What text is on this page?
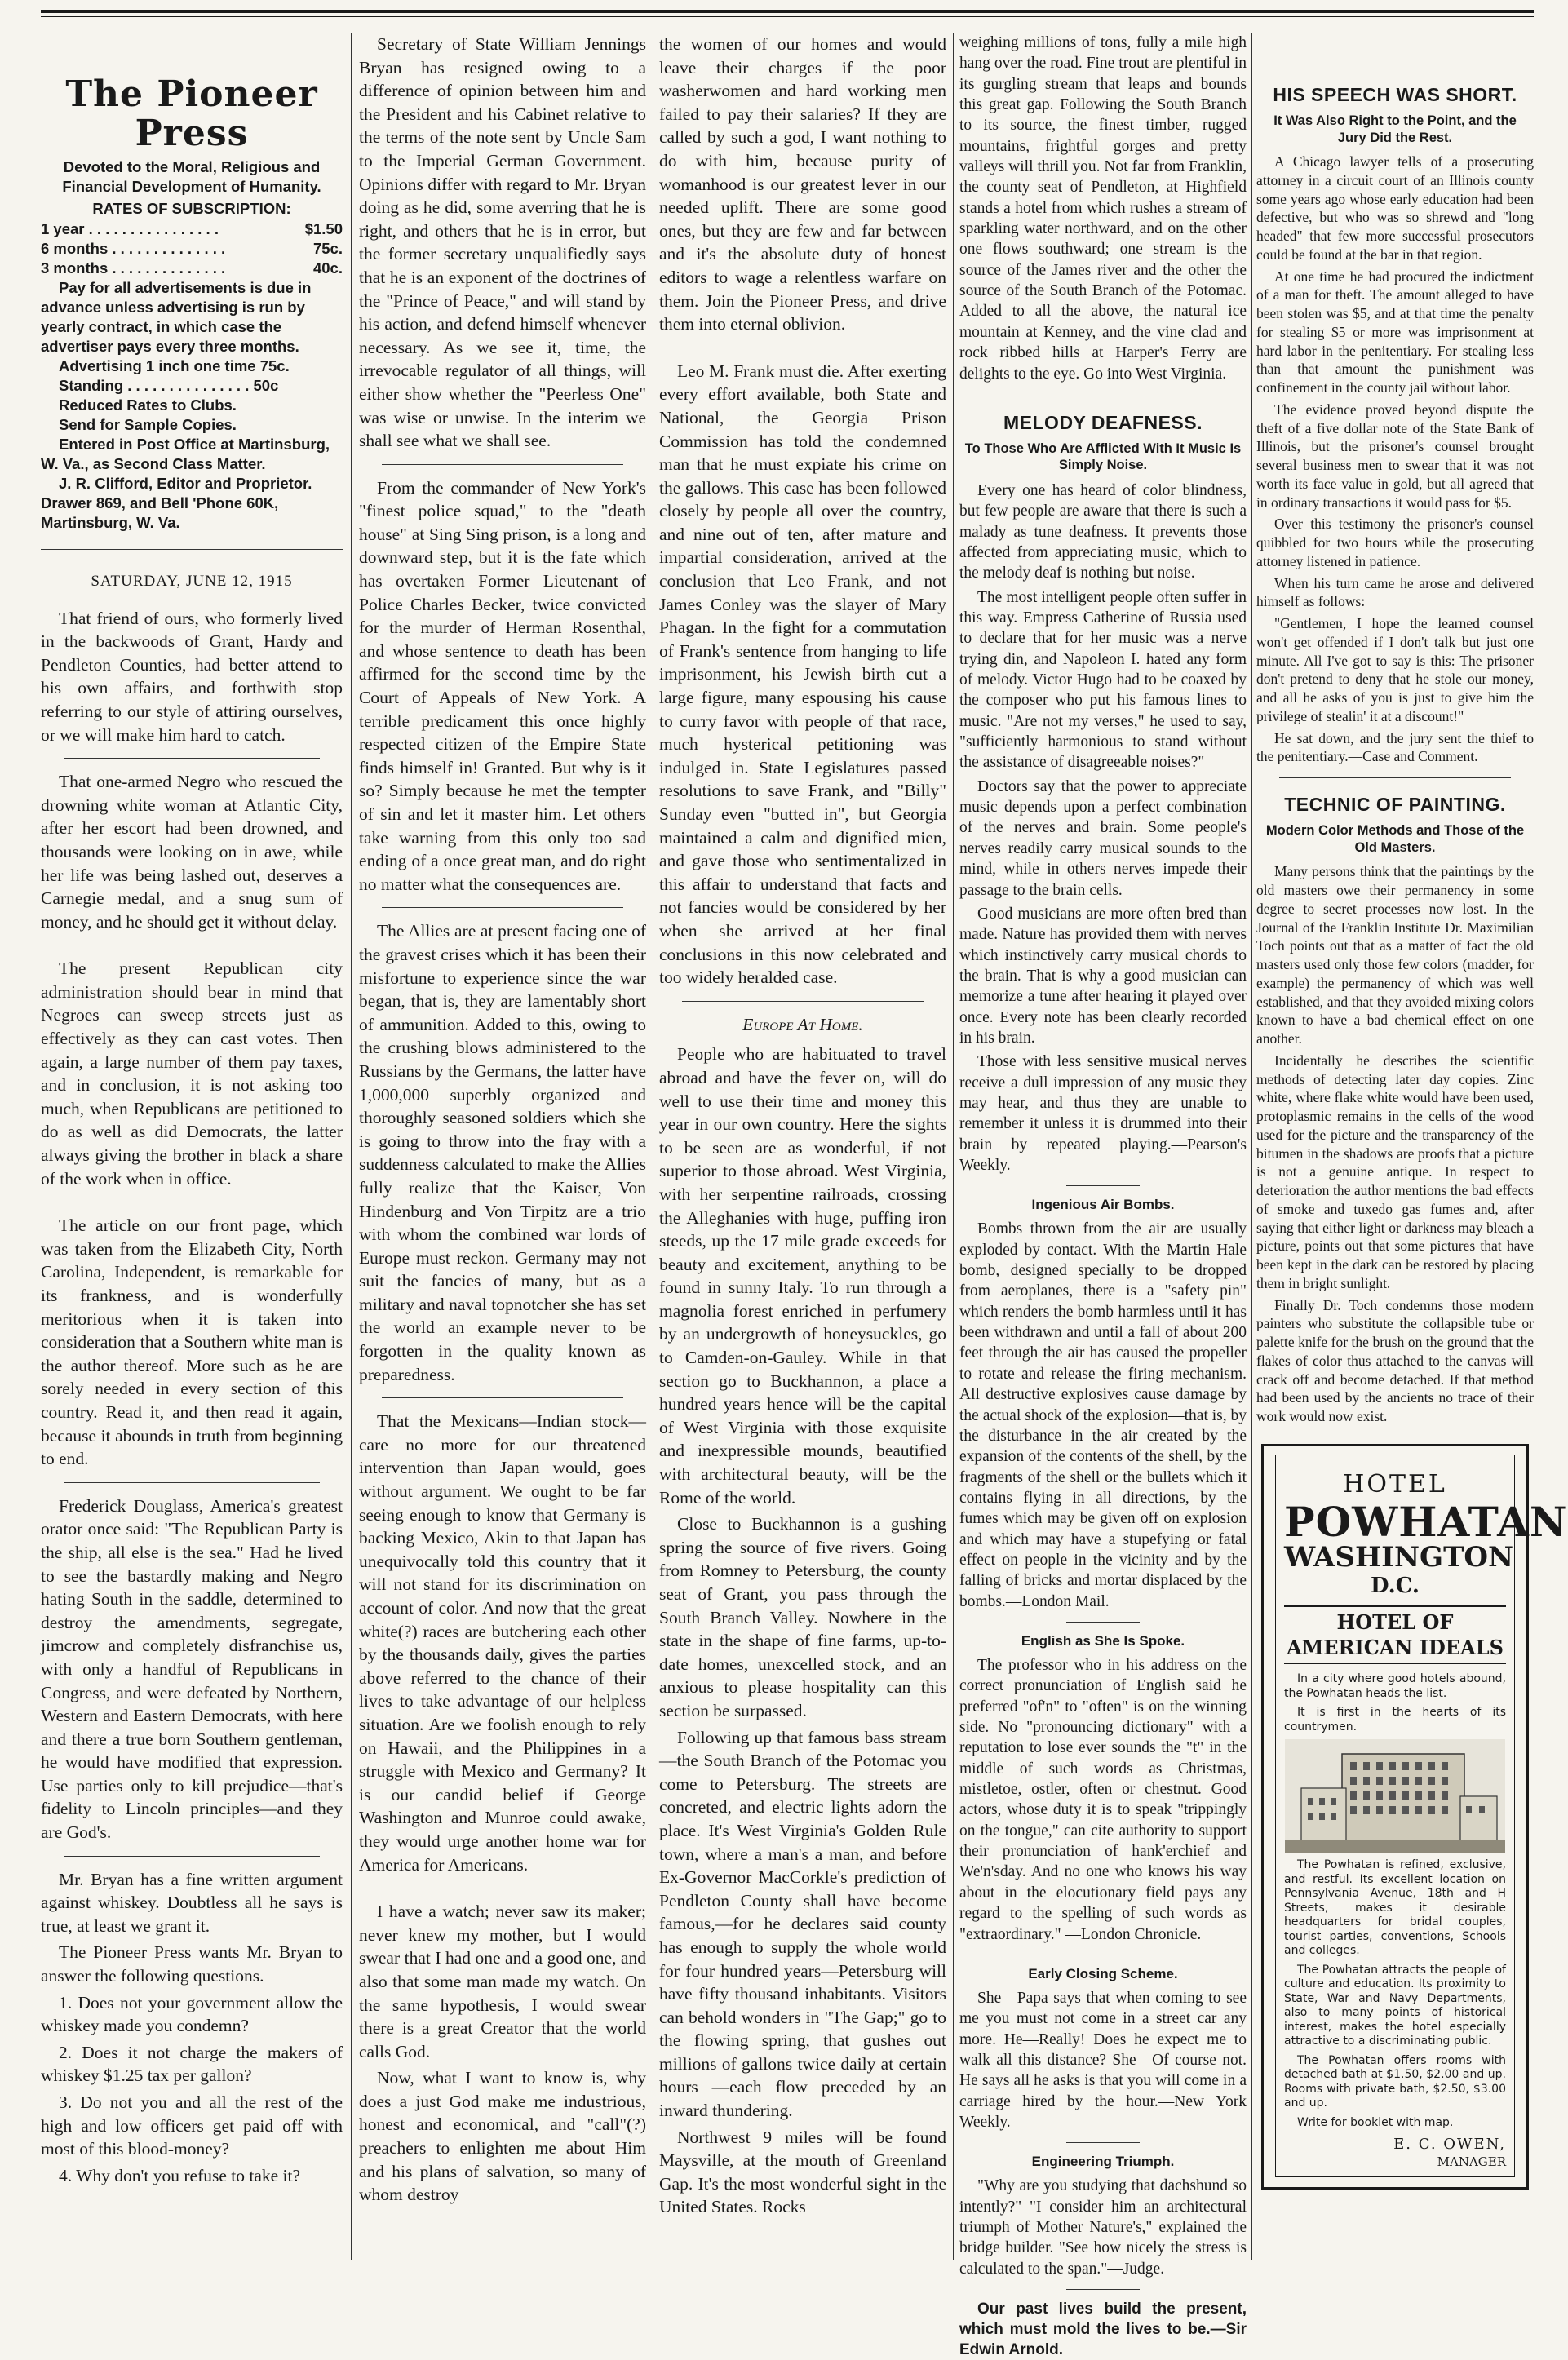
The Pioneer Press
Devoted to the Moral, Religious and Financial Development of Humanity.
RATES OF SUBSCRIPTION:
1 year . . . . . . . . . . . . . . . .	$1.50
6 months . . . . . . . . . . . . . .	75c.
3 months . . . . . . . . . . . . . .	40c.
Pay for all advertisements is due in advance unless advertising is run by yearly contract, in which case the advertiser pays every three months.
Advertising 1 inch one time 75c.
Standing . . . . . . . . . . . . . . . 50c
Reduced Rates to Clubs.
Send for Sample Copies.
Entered in Post Office at Martinsburg, W. Va., as Second Class Matter.
J. R. Clifford, Editor and Proprietor. Drawer 869, and Bell 'Phone 60K, Martinsburg, W. Va.
SATURDAY, JUNE 12, 1915

That friend of ours, who formerly lived in the backwoods of Grant, Hardy and Pendleton Counties, had better attend to his own affairs, and forthwith stop referring to our style of attiring ourselves, or we will make him hard to catch.

That one-armed Negro who rescued the drowning white woman at Atlantic City, after her escort had been drowned, and thousands were looking on in awe, while her life was being lashed out, deserves a Carnegie medal, and a snug sum of money, and he should get it without delay.

The present Republican city administration should bear in mind that Negroes can sweep streets just as effectively as they can cast votes. Then again, a large number of them pay taxes, and in conclusion, it is not asking too much, when Republicans are petitioned to do as well as did Democrats, the latter always giving the brother in black a share of the work when in office.

The article on our front page, which was taken from the Elizabeth City, North Carolina, Independent, is remarkable for its frankness, and is wonderfully meritorious when it is taken into consideration that a Southern white man is the author thereof. More such as he are sorely needed in every section of this country. Read it, and then read it again, because it abounds in truth from beginning to end.

Frederick Douglass, America's greatest orator once said: "The Republican Party is the ship, all else is the sea." Had he lived to see the bastardly making and Negro hating South in the saddle, determined to destroy the amendments, segregate, jimcrow and completely disfranchise us, with only a handful of Republicans in Congress, and were defeated by Northern, Western and Eastern Democrats, with here and there a true born Southern gentleman, he would have modified that expression. Use parties only to kill prejudice—that's fidelity to Lincoln principles—and they are God's.

Mr. Bryan has a fine written argument against whiskey. Doubtless all he says is true, at least we grant it.

The Pioneer Press wants Mr. Bryan to answer the following questions.

1. Does not your government allow the whiskey made you condemn?

2. Does it not charge the makers of whiskey $1.25 tax per gallon?

3. Do not you and all the rest of the high and low officers get paid off with most of this blood-money?

4. Why don't you refuse to take it?

Secretary of State William Jennings Bryan has resigned owing to a difference of opinion between him and the President and his Cabinet relative to the terms of the note sent by Uncle Sam to the Imperial German Government. Opinions differ with regard to Mr. Bryan doing as he did, some averring that he is right, and others that he is in error, but the former secretary unqualifiedly says that he is an exponent of the doctrines of the "Prince of Peace," and will stand by his action, and defend himself whenever necessary. As we see it, time, the irrevocable regulator of all things, will either show whether the "Peerless One" was wise or unwise. In the interim we shall see what we shall see.

From the commander of New York's "finest police squad," to the "death house" at Sing Sing prison, is a long and downward step, but it is the fate which has overtaken Former Lieutenant of Police Charles Becker, twice convicted for the murder of Herman Rosenthal, and whose sentence to death has been affirmed for the second time by the Court of Appeals of New York. A terrible predicament this once highly respected citizen of the Empire State finds himself in! Granted. But why is it so? Simply because he met the tempter of sin and let it master him. Let others take warning from this only too sad ending of a once great man, and do right no matter what the consequences are.

The Allies are at present facing one of the gravest crises which it has been their misfortune to experience since the war began, that is, they are lamentably short of ammunition. Added to this, owing to the crushing blows administered to the Russians by the Germans, the latter have 1,000,000 superbly organized and thoroughly seasoned soldiers which she is going to throw into the fray with a suddenness calculated to make the Allies fully realize that the Kaiser, Von Hindenburg and Von Tirpitz are a trio with whom the combined war lords of Europe must reckon. Germany may not suit the fancies of many, but as a military and naval topnotcher she has set the world an example never to be forgotten in the quality known as preparedness.

That the Mexicans—Indian stock—care no more for our threatened intervention than Japan would, goes without argument. We ought to be far seeing enough to know that Germany is backing Mexico, Akin to that Japan has unequivocally told this country that it will not stand for its discrimination on account of color. And now that the great white(?) races are butchering each other by the thousands daily, gives the parties above referred to the chance of their lives to take advantage of our helpless situation. Are we foolish enough to rely on Hawaii, and the Philippines in a struggle with Mexico and Germany? It is our candid belief if George Washington and Munroe could awake, they would urge another home war for America for Americans.

I have a watch; never saw its maker; never knew my mother, but I would swear that I had one and a good one, and also that some man made my watch. On the same hypothesis, I would swear there is a great Creator that the world calls God.

Now, what I want to know is, why does a just God make me industrious, honest and economical, and "call"(?) preachers to enlighten me about Him and his plans of salvation, so many of whom destroy

the women of our homes and would leave their charges if the poor washerwomen and hard working men failed to pay their salaries? If they are called by such a god, I want nothing to do with him, because purity of womanhood is our greatest lever in our needed uplift. There are some good ones, but they are few and far between and it's the absolute duty of honest editors to wage a relentless warfare on them. Join the Pioneer Press, and drive them into eternal oblivion.

Leo M. Frank must die. After exerting every effort available, both State and National, the Georgia Prison Commission has told the condemned man that he must expiate his crime on the gallows. This case has been followed closely by people all over the country, and nine out of ten, after mature and impartial consideration, arrived at the conclusion that Leo Frank, and not James Conley was the slayer of Mary Phagan. In the fight for a commutation of Frank's sentence from hanging to life imprisonment, his Jewish birth cut a large figure, many espousing his cause to curry favor with people of that race, much hysterical petitioning was indulged in. State Legislatures passed resolutions to save Frank, and "Billy" Sunday even "butted in", but Georgia maintained a calm and dignified mien, and gave those who sentimentalized in this affair to understand that facts and not fancies would be considered by her when she arrived at her final conclusions in this now celebrated and too widely heralded case.

Europe At Home.

People who are habituated to travel abroad and have the fever on, will do well to use their time and money this year in our own country. Here the sights to be seen are as wonderful, if not superior to those abroad. West Virginia, with her serpentine railroads, crossing the Alleghanies with huge, puffing iron steeds, up the 17 mile grade exceeds for beauty and excitement, anything to be found in sunny Italy. To run through a magnolia forest enriched in perfumery by an undergrowth of honeysuckles, go to Camden-on-Gauley. While in that section go to Buckhannon, a place a hundred years hence will be the capital of West Virginia with those exquisite and inexpressible mounds, beautified with architectural beauty, will be the Rome of the world.

Close to Buckhannon is a gushing spring the source of five rivers. Going from Romney to Petersburg, the county seat of Grant, you pass through the South Branch Valley. Nowhere in the state in the shape of fine farms, up-to-date homes, unexcelled stock, and an anxious to please hospitality can this section be surpassed.

Following up that famous bass stream—the South Branch of the Potomac you come to Petersburg. The streets are concreted, and electric lights adorn the place. It's West Virginia's Golden Rule town, where a man's a man, and before Ex-Governor MacCorkle's prediction of Pendleton County shall have become famous,—for he declares said county has enough to supply the whole world for four hundred years—Petersburg will have fifty thousand inhabitants. Visitors can behold wonders in "The Gap;" go to the flowing spring, that gushes out millions of gallons twice daily at certain hours —each flow preceded by an inward thundering.

Northwest 9 miles will be found Maysville, at the mouth of Greenland Gap. It's the most wonderful sight in the United States. Rocks

weighing millions of tons, fully a mile high hang over the road. Fine trout are plentiful in its gurgling stream that leaps and bounds this great gap. Following the South Branch to its source, the finest timber, rugged mountains, frightful gorges and pretty valleys will thrill you. Not far from Franklin, the county seat of Pendleton, at Highfield stands a hotel from which rushes a stream of sparkling water northward, and on the other one flows southward; one stream is the source of the James river and the other the source of the South Branch of the Potomac. Added to all the above, the natural ice mountain at Kenney, and the vine clad and rock ribbed hills at Harper's Ferry are delights to the eye. Go into West Virginia.

MELODY DEAFNESS.
To Those Who Are Afflicted With It Music Is Simply Noise.

Every one has heard of color blindness, but few people are aware that there is such a malady as tune deafness. It prevents those affected from appreciating music, which to the melody deaf is nothing but noise.

The most intelligent people often suffer in this way. Empress Catherine of Russia used to declare that for her music was a nerve trying din, and Napoleon I. hated any form of melody. Victor Hugo had to be coaxed by the composer who put his famous lines to music. "Are not my verses," he used to say, "sufficiently harmonious to stand without the assistance of disagreeable noises?"

Doctors say that the power to appreciate music depends upon a perfect combination of the nerves and brain. Some people's nerves readily carry musical sounds to the mind, while in others nerves impede their passage to the brain cells.

Good musicians are more often bred than made. Nature has provided them with nerves which instinctively carry musical chords to the brain. That is why a good musician can memorize a tune after hearing it played over once. Every note has been clearly recorded in his brain.

Those with less sensitive musical nerves receive a dull impression of any music they may hear, and thus they are unable to remember it unless it is drummed into their brain by repeated playing.—Pearson's Weekly.

Ingenious Air Bombs.

Bombs thrown from the air are usually exploded by contact. With the Martin Hale bomb, designed specially to be dropped from aeroplanes, there is a "safety pin" which renders the bomb harmless until it has been withdrawn and until a fall of about 200 feet through the air has caused the propeller to rotate and release the firing mechanism. All destructive explosives cause damage by the actual shock of the explosion—that is, by the disturbance in the air created by the expansion of the contents of the shell, by the fragments of the shell or the bullets which it contains flying in all directions, by the fumes which may be given off on explosion and which may have a stupefying or fatal effect on people in the vicinity and by the falling of bricks and mortar displaced by the bombs.—London Mail.

English as She Is Spoke.

The professor who in his address on the correct pronunciation of English said he preferred "of'n" to "often" is on the winning side. No "pronouncing dictionary" with a reputation to lose ever sounds the "t" in the middle of such words as Christmas, mistletoe, ostler, often or chestnut. Good actors, whose duty it is to speak "trippingly on the tongue," can cite authority to support their pronunciation of hank'erchief and We'n'sday. And no one who knows his way about in the elocutionary field pays any regard to the spelling of such words as "extraordinary." —London Chronicle.

Early Closing Scheme.

She—Papa says that when coming to see me you must not come in a street car any more. He—Really! Does he expect me to walk all this distance? She—Of course not. He says all he asks is that you will come in a carriage hired by the hour.—New York Weekly.

Engineering Triumph.

"Why are you studying that dachshund so intently?" "I consider him an architectural triumph of Mother Nature's," explained the bridge builder. "See how nicely the stress is calculated to the span."—Judge.

Our past lives build the present, which must mold the lives to be.—Sir Edwin Arnold.
HIS SPEECH WAS SHORT.
It Was Also Right to the Point, and the Jury Did the Rest.

A Chicago lawyer tells of a prosecuting attorney in a circuit court of an Illinois county some years ago whose early education had been defective, but who was so shrewd and "long headed" that few more successful prosecutors could be found at the bar in that region.

At one time he had procured the indictment of a man for theft. The amount alleged to have been stolen was $5, and at that time the penalty for stealing $5 or more was imprisonment at hard labor in the penitentiary. For stealing less than that amount the punishment was confinement in the county jail without labor.

The evidence proved beyond dispute the theft of a five dollar note of the State Bank of Illinois, but the prisoner's counsel brought several business men to swear that it was not worth its face value in gold, but all agreed that in ordinary transactions it would pass for $5.

Over this testimony the prisoner's counsel quibbled for two hours while the prosecuting attorney listened in patience.

When his turn came he arose and delivered himself as follows:

"Gentlemen, I hope the learned counsel won't get offended if I don't talk but just one minute. All I've got to say is this: The prisoner don't pretend to deny that he stole our money, and all he asks of you is just to give him the privilege of stealin' it at a discount!"

He sat down, and the jury sent the thief to the penitentiary.—Case and Comment.

TECHNIC OF PAINTING.
Modern Color Methods and Those of the Old Masters.

Many persons think that the paintings by the old masters owe their permanency in some degree to secret processes now lost. In the Journal of the Franklin Institute Dr. Maximilian Toch points out that as a matter of fact the old masters used only those few colors (madder, for example) the permanency of which was well established, and that they avoided mixing colors known to have a bad chemical effect on one another.

Incidentally he describes the scientific methods of detecting later day copies. Zinc white, where flake white would have been used, protoplasmic remains in the cells of the wood used for the picture and the transparency of the bitumen in the shadows are proofs that a picture is not a genuine antique. In respect to deterioration the author mentions the bad effects of smoke and tuxedo gas fumes and, after saying that either light or darkness may bleach a picture, points out that some pictures that have been kept in the dark can be restored by placing them in bright sunlight.

Finally Dr. Toch condemns those modern painters who substitute the collapsible tube or palette knife for the brush on the ground that the flakes of color thus attached to the canvas will crack off and become detached. If that method had been used by the ancients no trace of their work would now exist.

HOTEL
POWHATAN
WASHINGTON
D.C.
HOTEL OF AMERICAN IDEALS

In a city where good hotels abound, the Powhatan heads the list.

It is first in the hearts of its countrymen.

The Powhatan is refined, exclusive, and restful. Its excellent location on Pennsylvania Avenue, 18th and H Streets, makes it desirable headquarters for bridal couples, tourist parties, conventions, Schools and colleges.

The Powhatan attracts the people of culture and education. Its proximity to State, War and Navy Departments, also to many points of historical interest, makes the hotel especially attractive to a discriminating public.

The Powhatan offers rooms with detached bath at $1.50, $2.00 and up. Rooms with private bath, $2.50, $3.00 and up.

Write for booklet with map.

E. C. OWEN,
MANAGER
